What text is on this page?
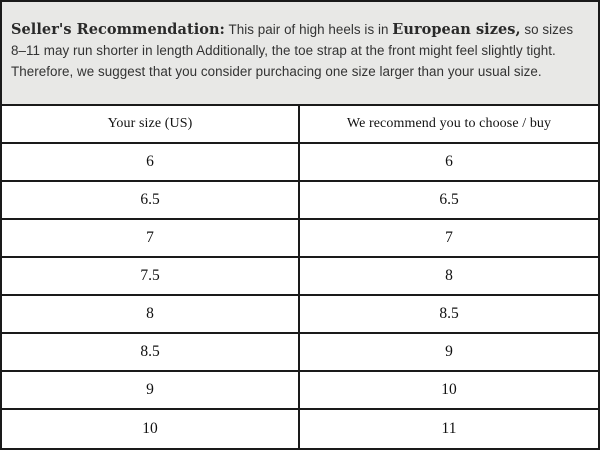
Seller's Recommendation: This pair of high heels is in European sizes, so sizes 8–11 may run shorter in length Additionally, the toe strap at the front might feel slightly tight. Therefore, we suggest that you consider purchacing one size larger than your usual size.
Your size (US)	We recommend you to choose / buy
6	6
6.5	6.5
7	7
7.5	8
8	8.5
8.5	9
9	10
10	11
